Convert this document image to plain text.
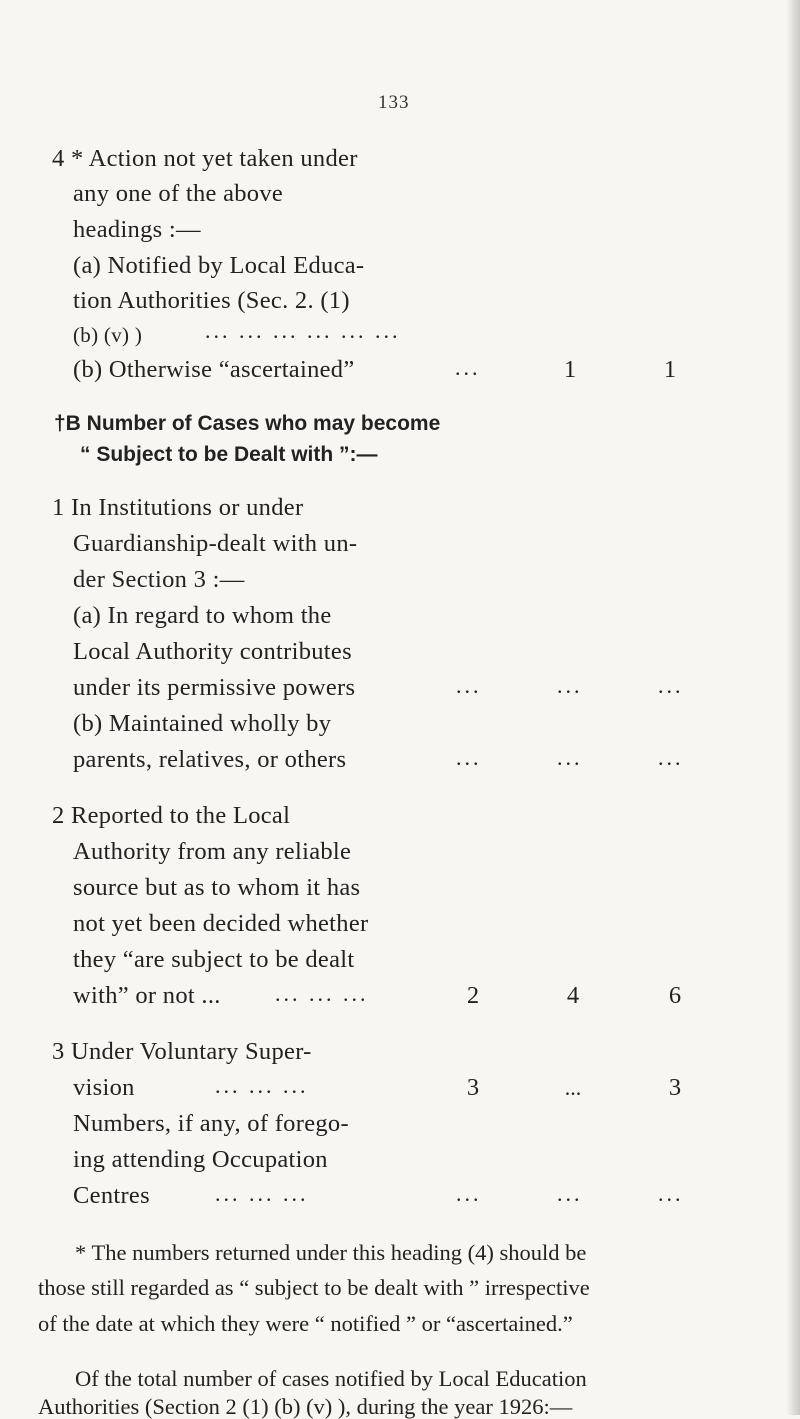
133
4 * Action not yet taken under
any one of the above
headings :—
(a) Notified by Local Educa-
tion Authorities (Sec. 2. (1)
(b) (v) )	... ... ... ... ... ...
(b) Otherwise “ascertained”	...	1	1
†B Number of Cases who may become
“ Subject to be Dealt with ”:—
1 In Institutions or under
Guardianship-dealt with un-
der Section 3 :—
(a) In regard to whom the
Local Authority contributes
under its permissive powers	...	...	...
(b) Maintained wholly by
parents, relatives, or others	...	...	...
2 Reported to the Local
Authority from any reliable
source but as to whom it has
not yet been decided whether
they “are subject to be dealt
with” or not ... ... ... ...	2	4	6
3 Under Voluntary Super-
vision	... ... ...	3	...	3
Numbers, if any, of forego-
ing attending Occupation
Centres	... ... ...	...	...	...
* The numbers returned under this heading (4) should be
those still regarded as “ subject to be dealt with ” irrespective
of the date at which they were “ notified ” or “ascertained.”
Of the total number of cases notified by Local Education
Authorities (Section 2 (1) (b) (v) ), during the year 1926:—
